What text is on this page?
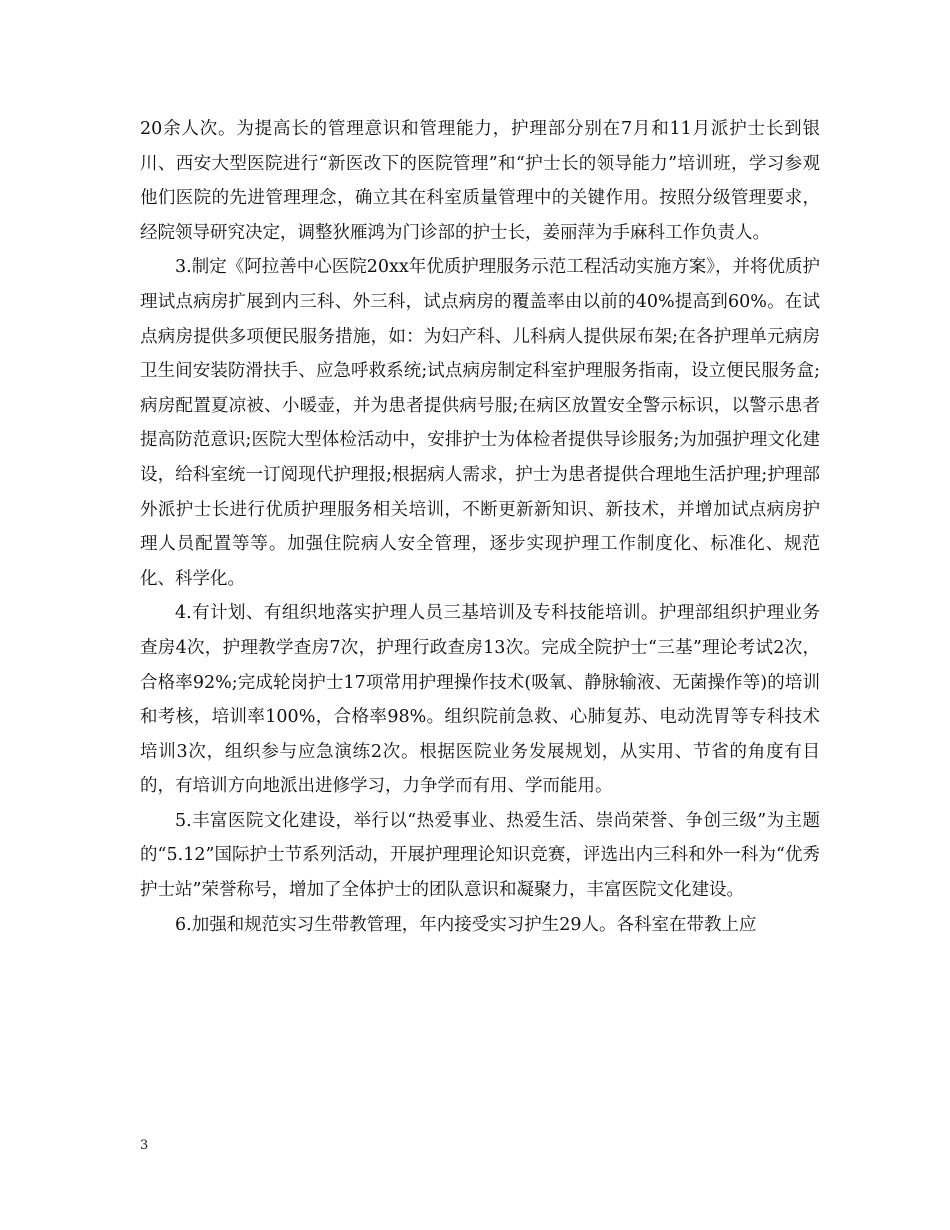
20余人次。为提高长的管理意识和管理能力，护理部分别在7月和11月派护士长到银川、西安大型医院进行“新医改下的医院管理”和“护士长的领导能力”培训班，学习参观他们医院的先进管理理念，确立其在科室质量管理中的关键作用。按照分级管理要求，经院领导研究决定，调整狄雁鸿为门诊部的护士长，姜丽萍为手麻科工作负责人。

3.制定《阿拉善中心医院20xx年优质护理服务示范工程活动实施方案》，并将优质护理试点病房扩展到内三科、外三科，试点病房的覆盖率由以前的40%提高到60%。在试点病房提供多项便民服务措施，如：为妇产科、儿科病人提供尿布架;在各护理单元病房卫生间安装防滑扶手、应急呼救系统;试点病房制定科室护理服务指南，设立便民服务盒;病房配置夏凉被、小暖壶，并为患者提供病号服;在病区放置安全警示标识，以警示患者提高防范意识;医院大型体检活动中，安排护士为体检者提供导诊服务;为加强护理文化建设，给科室统一订阅现代护理报;根据病人需求，护士为患者提供合理地生活护理;护理部外派护士长进行优质护理服务相关培训，不断更新新知识、新技术，并增加试点病房护理人员配置等等。加强住院病人安全管理，逐步实现护理工作制度化、标准化、规范化、科学化。

4.有计划、有组织地落实护理人员三基培训及专科技能培训。护理部组织护理业务查房4次，护理教学查房7次，护理行政查房13次。完成全院护士“三基”理论考试2次，合格率92%;完成轮岗护士17项常用护理操作技术(吸氧、静脉输液、无菌操作等)的培训和考核，培训率100%，合格率98%。组织院前急救、心肺复苏、电动洗胃等专科技术培训3次，组织参与应急演练2次。根据医院业务发展规划，从实用、节省的角度有目的，有培训方向地派出进修学习，力争学而有用、学而能用。

5.丰富医院文化建设，举行以“热爱事业、热爱生活、崇尚荣誉、争创三级”为主题的“5.12”国际护士节系列活动，开展护理理论知识竞赛，评选出内三科和外一科为“优秀护士站”荣誉称号，增加了全体护士的团队意识和凝聚力，丰富医院文化建设。

6.加强和规范实习生带教管理，年内接受实习护生29人。各科室在带教上应

3
